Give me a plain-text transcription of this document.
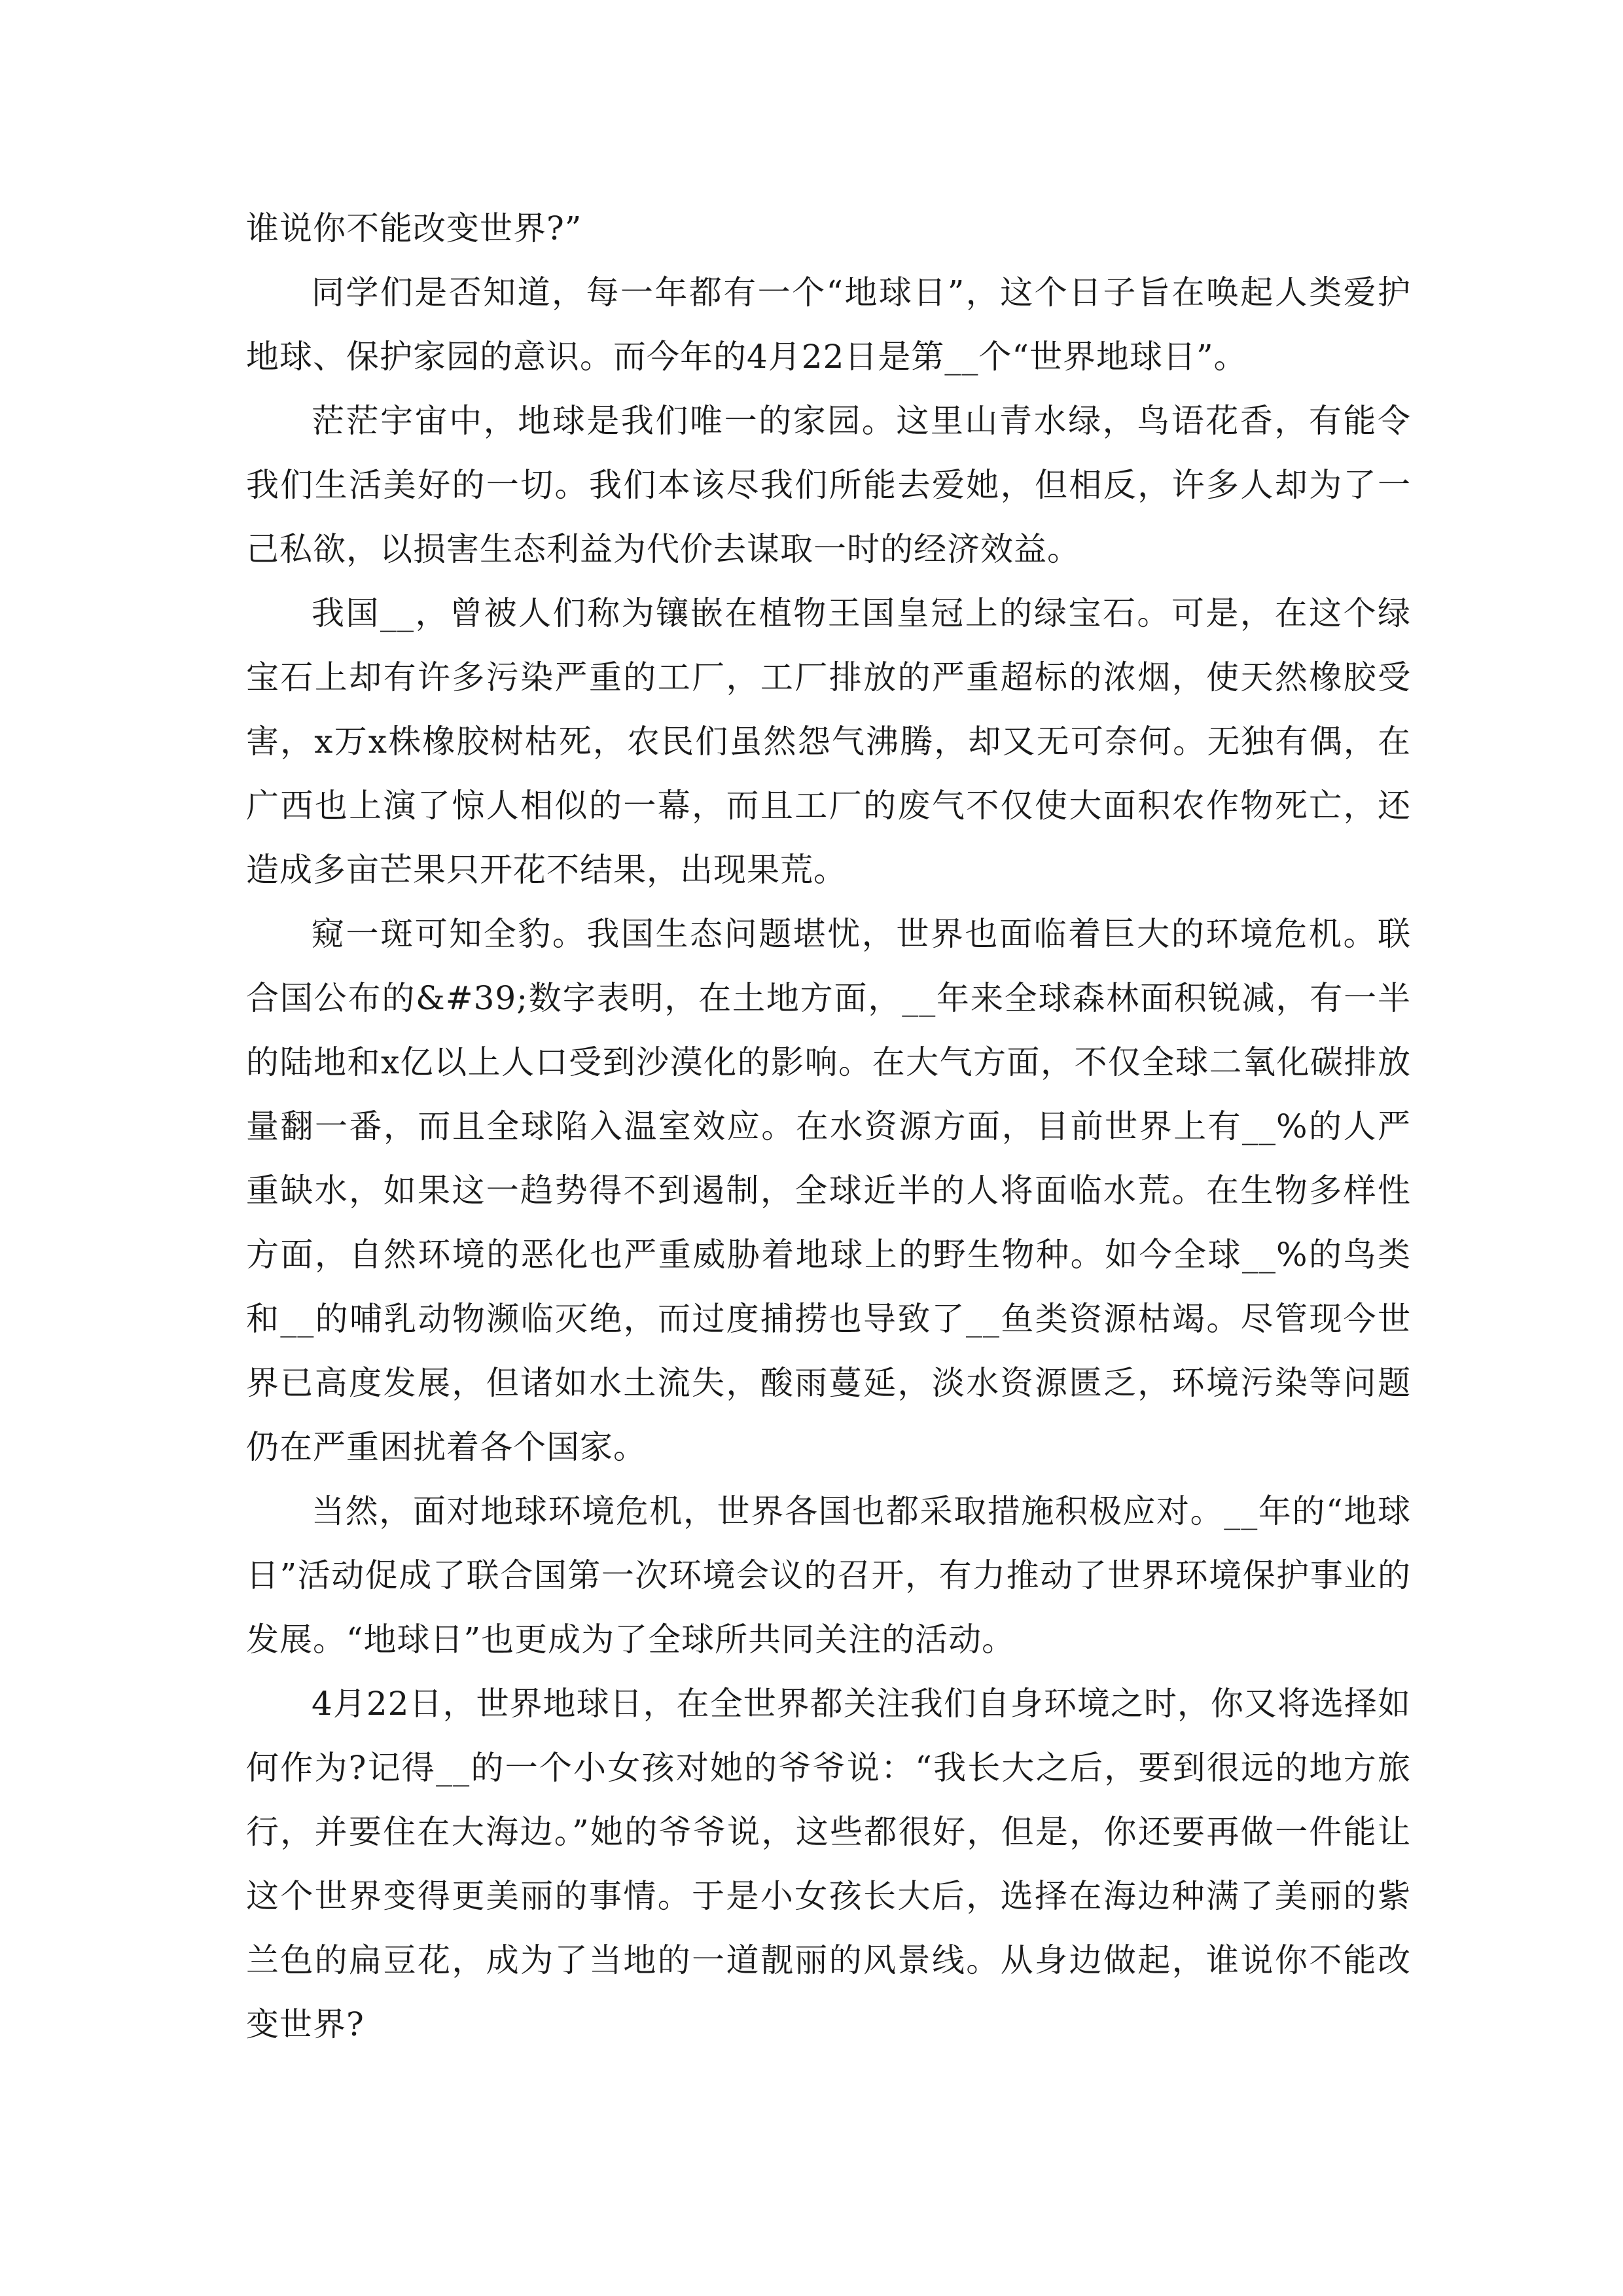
谁说你不能改变世界?”

同学们是否知道，每一年都有一个“地球日”，这个日子旨在唤起人类爱护地球、保护家园的意识。而今年的4月22日是第__个“世界地球日”。

茫茫宇宙中，地球是我们唯一的家园。这里山青水绿，鸟语花香，有能令我们生活美好的一切。我们本该尽我们所能去爱她，但相反，许多人却为了一己私欲，以损害生态利益为代价去谋取一时的经济效益。

我国__，曾被人们称为镶嵌在植物王国皇冠上的绿宝石。可是，在这个绿宝石上却有许多污染严重的工厂，工厂排放的严重超标的浓烟，使天然橡胶受害，x万x株橡胶树枯死，农民们虽然怨气沸腾，却又无可奈何。无独有偶，在广西也上演了惊人相似的一幕，而且工厂的废气不仅使大面积农作物死亡，还造成多亩芒果只开花不结果，出现果荒。

窥一斑可知全豹。我国生态问题堪忧，世界也面临着巨大的环境危机。联合国公布的&#39;数字表明，在土地方面，__年来全球森林面积锐减，有一半的陆地和x亿以上人口受到沙漠化的影响。在大气方面，不仅全球二氧化碳排放量翻一番，而且全球陷入温室效应。在水资源方面，目前世界上有__%的人严重缺水，如果这一趋势得不到遏制，全球近半的人将面临水荒。在生物多样性方面，自然环境的恶化也严重威胁着地球上的野生物种。如今全球__%的鸟类和__的哺乳动物濒临灭绝，而过度捕捞也导致了__鱼类资源枯竭。尽管现今世界已高度发展，但诸如水土流失，酸雨蔓延，淡水资源匮乏，环境污染等问题仍在严重困扰着各个国家。

当然，面对地球环境危机，世界各国也都采取措施积极应对。__年的“地球日”活动促成了联合国第一次环境会议的召开，有力推动了世界环境保护事业的发展。“地球日”也更成为了全球所共同关注的活动。

4月22日，世界地球日，在全世界都关注我们自身环境之时，你又将选择如何作为?记得__的一个小女孩对她的爷爷说：“我长大之后，要到很远的地方旅行，并要住在大海边。”她的爷爷说，这些都很好，但是，你还要再做一件能让这个世界变得更美丽的事情。于是小女孩长大后，选择在海边种满了美丽的紫兰色的扁豆花，成为了当地的一道靓丽的风景线。从身边做起，谁说你不能改变世界?
